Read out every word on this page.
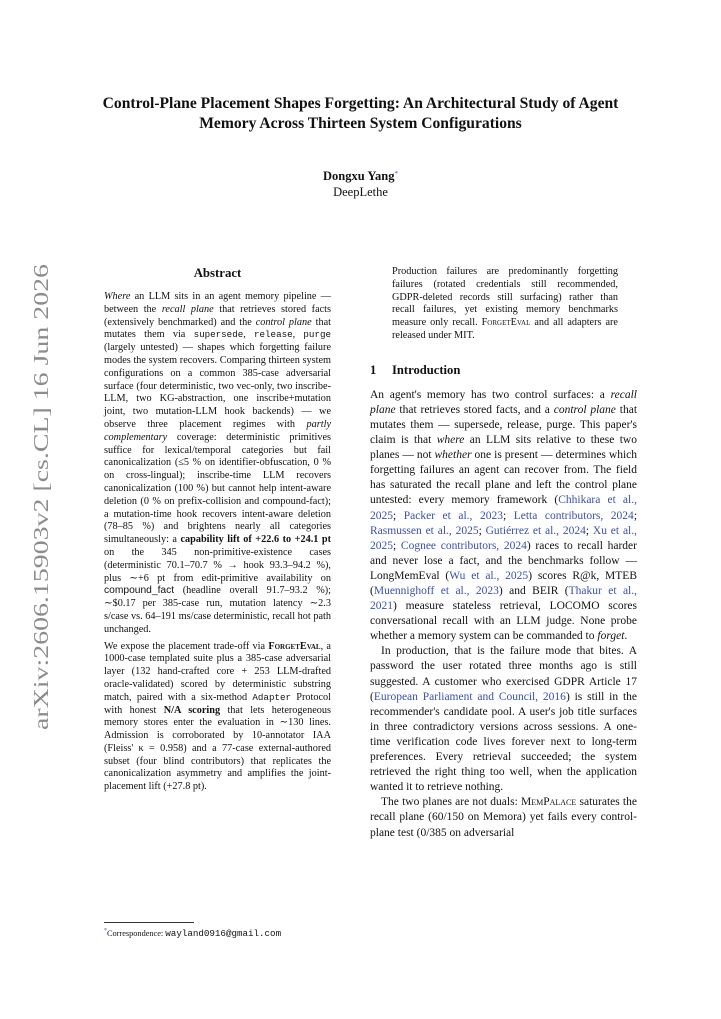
arXiv:2606.15903v2 [cs.CL] 16 Jun 2026
Control-Plane Placement Shapes Forgetting: An Architectural Study of Agent Memory Across Thirteen System Configurations
Dongxu Yang*
DeepLethe
Abstract

Where an LLM sits in an agent memory pipeline — between the recall plane that retrieves stored facts (extensively benchmarked) and the control plane that mutates them via supersede, release, purge (largely untested) — shapes which forgetting failure modes the system recovers. Comparing thirteen system configurations on a common 385-case adversarial surface (four deterministic, two vec-only, two inscribe-LLM, two KG-abstraction, one inscribe+mutation joint, two mutation-LLM hook backends) — we observe three placement regimes with partly complementary coverage: deterministic primitives suffice for lexical/temporal categories but fail canonicalization (≤5 % on identifier-obfuscation, 0 % on cross-lingual); inscribe-time LLM recovers canonicalization (100 %) but cannot help intent-aware deletion (0 % on prefix-collision and compound-fact); a mutation-time hook recovers intent-aware deletion (78–85 %) and brightens nearly all categories simultaneously: a capability lift of +22.6 to +24.1 pt on the 345 non-primitive-existence cases (deterministic 70.1–70.7 % → hook 93.3–94.2 %), plus ∼+6 pt from edit-primitive availability on compound_fact (headline overall 91.7–93.2 %); ∼$0.17 per 385-case run, mutation latency ∼2.3 s/case vs. 64–191 ms/case deterministic, recall hot path unchanged.

We expose the placement trade-off via ForgetEval, a 1000-case templated suite plus a 385-case adversarial layer (132 hand-crafted core + 253 LLM-drafted oracle-validated) scored by deterministic substring match, paired with a six-method Adapter Protocol with honest N/A scoring that lets heterogeneous memory stores enter the evaluation in ∼130 lines. Admission is corroborated by 10-annotator IAA (Fleiss' κ = 0.958) and a 77-case external-authored subset (four blind contributors) that replicates the canonicalization asymmetry and amplifies the joint-placement lift (+27.8 pt).

Production failures are predominantly forgetting failures (rotated credentials still recommended, GDPR-deleted records still surfacing) rather than recall failures, yet existing memory benchmarks measure only recall. ForgetEval and all adapters are released under MIT.

1 Introduction

An agent's memory has two control surfaces: a recall plane that retrieves stored facts, and a control plane that mutates them — supersede, release, purge. This paper's claim is that where an LLM sits relative to these two planes — not whether one is present — determines which forgetting failures an agent can recover from. The field has saturated the recall plane and left the control plane untested: every memory framework (Chhikara et al., 2025; Packer et al., 2023; Letta contributors, 2024; Rasmussen et al., 2025; Gutiérrez et al., 2024; Xu et al., 2025; Cognee contributors, 2024) races to recall harder and never lose a fact, and the benchmarks follow — LongMemEval (Wu et al., 2025) scores R@k, MTEB (Muennighoff et al., 2023) and BEIR (Thakur et al., 2021) measure stateless retrieval, LOCOMO scores conversational recall with an LLM judge. None probe whether a memory system can be commanded to forget.

In production, that is the failure mode that bites. A password the user rotated three months ago is still suggested. A customer who exercised GDPR Article 17 (European Parliament and Council, 2016) is still in the recommender's candidate pool. A user's job title surfaces in three contradictory versions across sessions. A one-time verification code lives forever next to long-term preferences. Every retrieval succeeded; the system retrieved the right thing too well, when the application wanted it to retrieve nothing.

The two planes are not duals: MemPalace saturates the recall plane (60/150 on Memora) yet fails every control-plane test (0/385 on adversarial

*Correspondence: wayland0916@gmail.com
